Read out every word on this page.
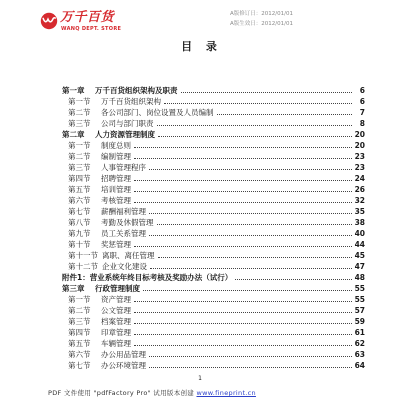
万千百货
WANQ DEPT. STORE
A版修订日：2012/01/01
A版生效日：2012/01/01
目  录
第一章	万千百货组织架构及职责	6
第一节	万千百货组织架构	6
第二节	各公司部门、岗位设置及人员编制	7
第三节	公司与部门职责	8
第二章	人力资源管理制度	20
第一节	制度总则	20
第二节	编制管理	23
第三节	人事管理程序	23
第四节	招聘管理	24
第五节	培训管理	26
第六节	考核管理	32
第七节	薪酬福利管理	35
第八节	考勤及休假管理	38
第九节	员工关系管理	40
第十节	奖惩管理	44
第十一节 离职、离任管理	45
第十二节 企业文化建设	47
附件1： 营业系统年终目标考核及奖励办法（试行）	48
第三章	行政管理制度	55
第一节	资产管理	55
第二节	公文管理	57
第三节	档案管理	59
第四节	印章管理	61
第五节	车辆管理	62
第六节	办公用品管理	63
第七节	办公环境管理	64
1
PDF 文件使用 "pdfFactory Pro" 试用版本创建 www.fineprint.cn
